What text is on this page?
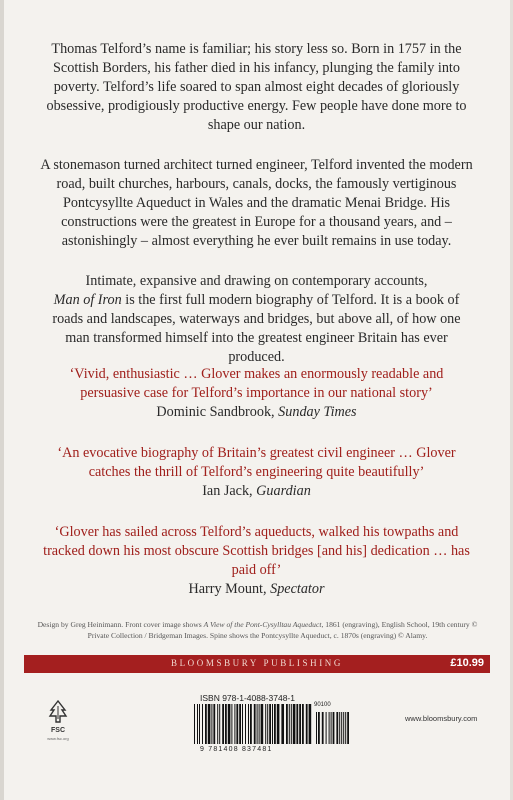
Thomas Telford’s name is familiar; his story less so. Born in 1757 in the Scottish Borders, his father died in his infancy, plunging the family into poverty. Telford’s life soared to span almost eight decades of gloriously obsessive, prodigiously productive energy. Few people have done more to shape our nation.

A stonemason turned architect turned engineer, Telford invented the modern road, built churches, harbours, canals, docks, the famously vertiginous Pontcysyllte Aqueduct in Wales and the dramatic Menai Bridge. His constructions were the greatest in Europe for a thousand years, and – astonishingly – almost everything he ever built remains in use today.

Intimate, expansive and drawing on contemporary accounts,
Man of Iron is the first full modern biography of Telford. It is a book of roads and landscapes, waterways and bridges, but above all, of how one man transformed himself into the greatest engineer Britain has ever produced.

‘Vivid, enthusiastic … Glover makes an enormously readable and persuasive case for Telford’s importance in our national story’
Dominic Sandbrook, Sunday Times
‘An evocative biography of Britain’s greatest civil engineer … Glover catches the thrill of Telford’s engineering quite beautifully’
Ian Jack, Guardian
‘Glover has sailed across Telford’s aqueducts, walked his towpaths and tracked down his most obscure Scottish bridges [and his] dedication … has paid off’
Harry Mount, Spectator
Design by Greg Heinimann. Front cover image shows A View of the Pont-Cysylltau Aqueduct, 1861 (engraving), English School, 19th century © Private Collection / Bridgeman Images. Spine shows the Pontcysyllte Aqueduct, c. 1870s (engraving) © Alamy.
BLOOMSBURY PUBLISHING	£10.99
FSC
www.fsc.org
ISBN 978-1-4088-3748-1
90100
9 781408 837481
www.bloomsbury.com
